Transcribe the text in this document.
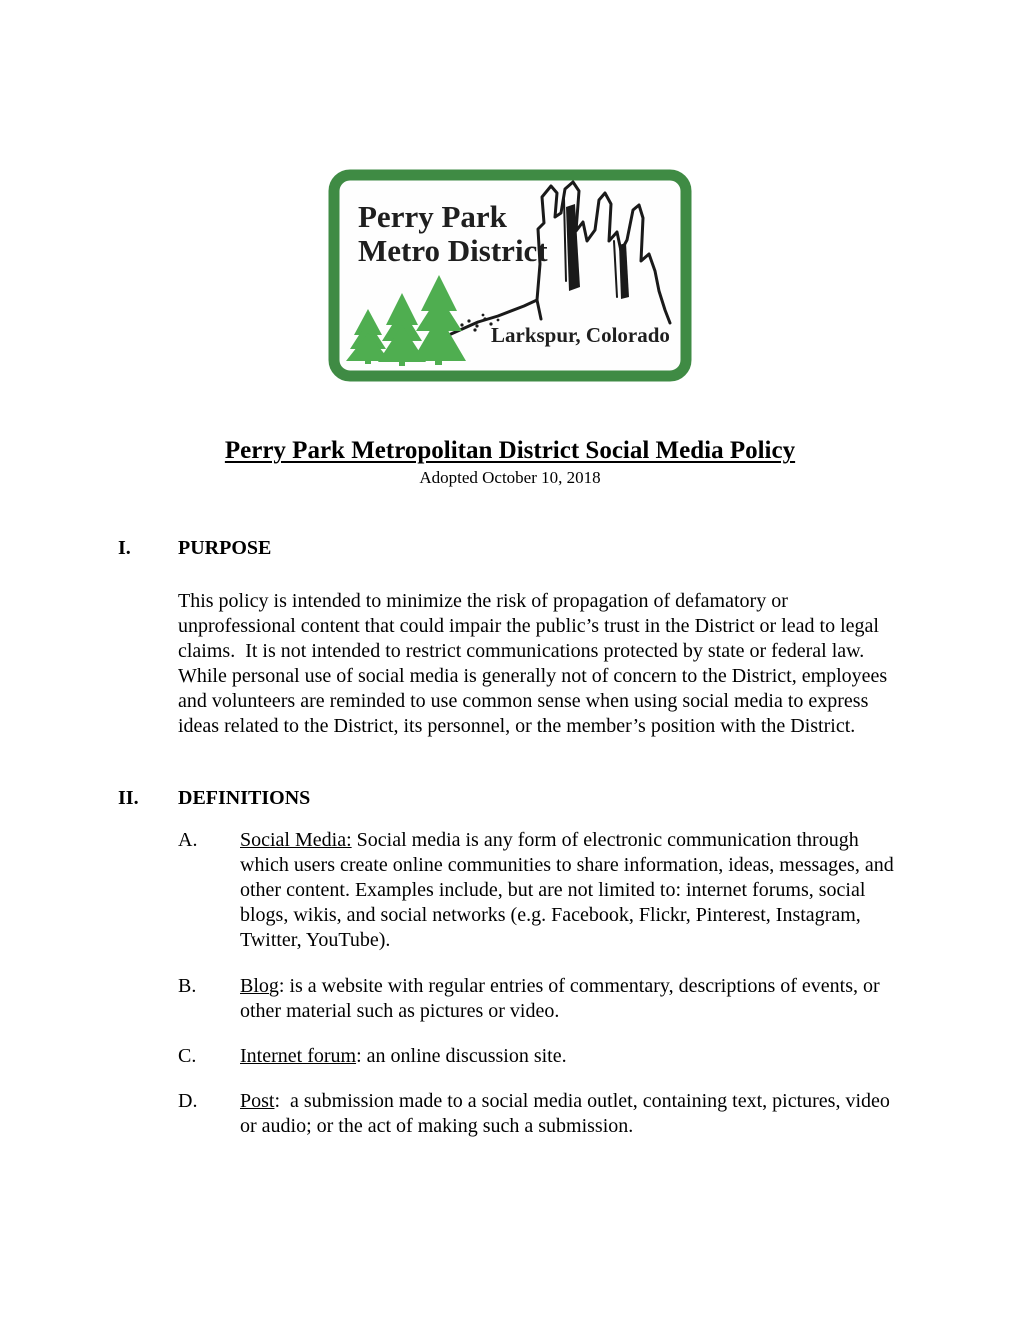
Perry Park
Metro District
Larkspur, Colorado
Perry Park Metropolitan District Social Media Policy
Adopted October 10, 2018
I.	PURPOSE
This policy is intended to minimize the risk of propagation of defamatory or unprofessional content that could impair the public’s trust in the District or lead to legal claims.  It is not intended to restrict communications protected by state or federal law.  While personal use of social media is generally not of concern to the District, employees and volunteers are reminded to use common sense when using social media to express ideas related to the District, its personnel, or the member’s position with the District.
II.	DEFINITIONS
A.	Social Media: Social media is any form of electronic communication through which users create online communities to share information, ideas, messages, and other content. Examples include, but are not limited to: internet forums, social blogs, wikis, and social networks (e.g. Facebook, Flickr, Pinterest, Instagram, Twitter, YouTube).
B.	Blog: is a website with regular entries of commentary, descriptions of events, or other material such as pictures or video.
C.	Internet forum: an online discussion site.
D.	Post:  a submission made to a social media outlet, containing text, pictures, video or audio; or the act of making such a submission.
